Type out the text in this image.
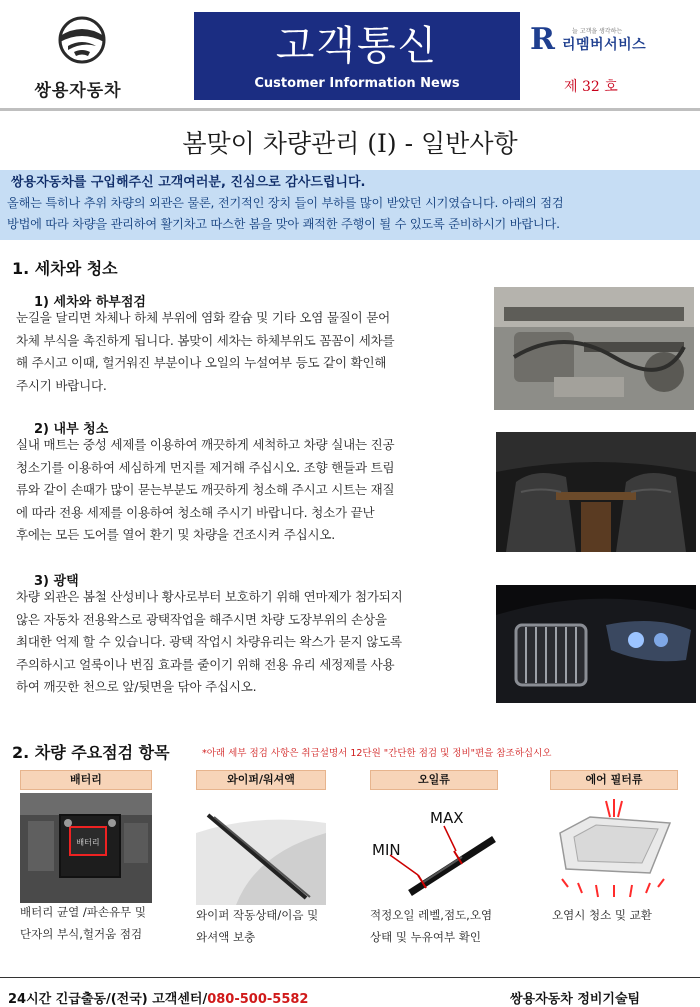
쌍용자동차
고객통신
Customer Information News
R	늘 고객을 생각하는
리멤버서비스
제 32 호
봄맞이 차량관리 (I) - 일반사항
쌍용자동차를 구입해주신 고객여러분, 진심으로 감사드립니다.
올해는 특히나 추위 차량의 외관은 물론, 전기적인 장치 들이 부하를 많이 받았던 시기였습니다. 아래의 점검
방법에 따라 차량을 관리하여 활기차고 따스한 봄을 맞아 쾌적한 주행이 될 수 있도록 준비하시기 바랍니다.
1. 세차와 청소
1) 세차와 하부점검
눈길을 달리면 차체나 하체 부위에 염화 칼슘 및 기타 오염 물질이 묻어
차체 부식을 촉진하게 됩니다. 봄맞이 세차는 하체부위도 꼼꼼이 세차를
해 주시고 이때, 헐거워진 부분이나 오일의 누설여부 등도 같이 확인해
주시기 바랍니다.
2) 내부 청소
실내 매트는 중성 세제를 이용하여 깨끗하게 세척하고 차량 실내는 진공
청소기를 이용하여 세심하게 먼지를 제거해 주십시오. 조향 핸들과 트림
류와 같이 손때가 많이 묻는부분도 깨끗하게 청소해 주시고 시트는 재질
에 따라 전용 세제를 이용하여 청소해 주시기 바랍니다. 청소가 끝난
후에는 모든 도어를 열어 환기 및 차량을 건조시켜 주십시오.
3) 광택
차량 외관은 봄철 산성비나 황사로부터 보호하기 위해 연마제가 첨가되지
않은 자동차 전용왁스로 광택작업을 해주시면 차량 도장부위의 손상을
최대한 억제 할 수 있습니다. 광택 작업시 차량유리는 왁스가 묻지 않도록
주의하시고 얼룩이나 번짐 효과를 줄이기 위해 전용 유리 세정제를 사용
하여 깨끗한 천으로 앞/뒷면을 닦아 주십시오.
2. 차량 주요점검 항목	*아래 세부 점검 사항은 취급설명서 12단원 "간단한 점검 및 정비"편을 참조하십시오
배터리
배터리
배터리 균열 /파손유무 및
단자의 부식,헐거움 점검
와이퍼/워셔액
와이퍼 작동상태/이음 및
와셔액 보충
오일류
MAX
MIN
적정오일 레벨,점도,오염
상태 및 누유여부 확인
에어 필터류
오염시 청소 및 교환
24시간 긴급출동/(전국) 고객센터/080-500-5582	쌍용자동차 정비기술팀
